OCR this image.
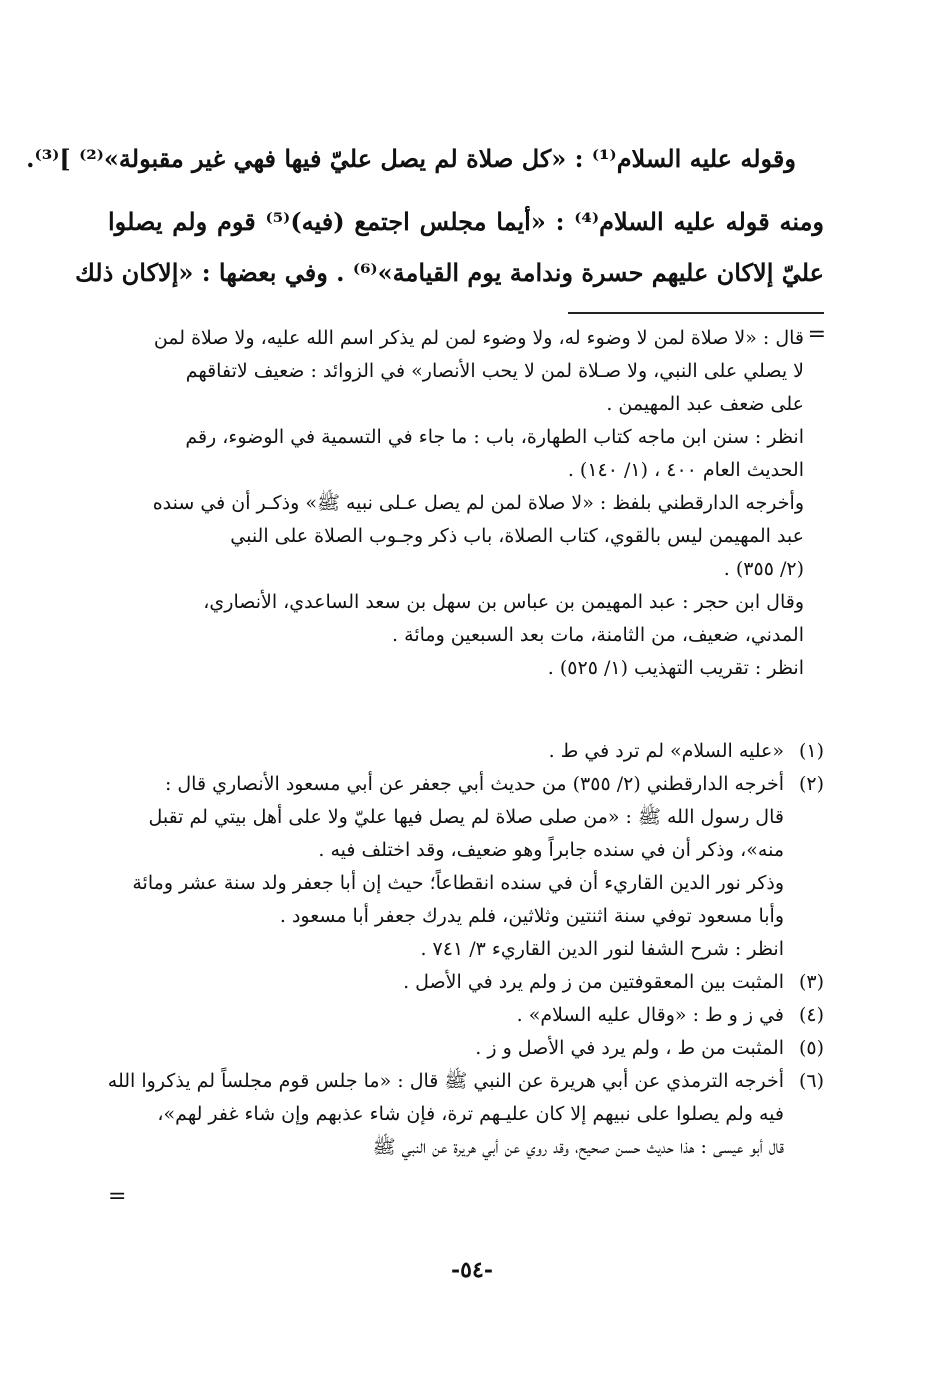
وقوله عليه السلام⁽¹⁾ : «كل صلاة لم يصل عليّ فيها فهي غير مقبولة»⁽²⁾ ]⁽³⁾.
ومنه قوله عليه السلام⁽⁴⁾ : «أيما مجلس اجتمع (فيه)⁽⁵⁾ قوم ولم يصلوا
عليّ إلاكان عليهم حسرة وندامة يوم القيامة»⁽⁶⁾ . وفي بعضها : «إلاكان ذلك
=
قال : «لا صلاة لمن لا وضوء له، ولا وضوء لمن لم يذكر اسم الله عليه، ولا صلاة لمن
لا يصلي على النبي، ولا صـلاة لمن لا يحب الأنصار» في الزوائد : ضعيف لاتفاقهم
على ضعف عبد المهيمن .
انظر : سنن ابن ماجه كتاب الطهارة، باب : ما جاء في التسمية في الوضوء، رقم
الحديث العام ٤٠٠ ، (١/ ١٤٠) .
وأخرجه الدارقطني بلفظ : «لا صلاة لمن لم يصل عـلى نبيه ﷺ» وذكـر أن في سنده
عبد المهيمن ليس بالقوي، كتاب الصلاة، باب ذكر وجـوب الصلاة على النبي
(٢/ ٣٥٥) .
وقال ابن حجر : عبد المهيمن بن عباس بن سهل بن سعد الساعدي، الأنصاري،
المدني، ضعيف، من الثامنة، مات بعد السبعين ومائة .
انظر : تقريب التهذيب (١/ ٥٢٥) .
(١)«عليه السلام» لم ترد في ط .
(٢)أخرجه الدارقطني (٢/ ٣٥٥) من حديث أبي جعفر عن أبي مسعود الأنصاري قال :
قال رسول الله ﷺ : «من صلى صلاة لم يصل فيها عليّ ولا على أهل بيتي لم تقبل
منه»، وذكر أن في سنده جابراً وهو ضعيف، وقد اختلف فيه .
وذكر نور الدين القاريء أن في سنده انقطاعاً؛ حيث إن أبا جعفر ولد سنة عشر ومائة
وأبا مسعود توفي سنة اثنتين وثلاثين، فلم يدرك جعفر أبا مسعود .
انظر : شرح الشفا لنور الدين القاريء ٣/ ٧٤١ .
(٣)المثبت بين المعقوفتين من ز ولم يرد في الأصل .
(٤)في ز و ط : «وقال عليه السلام» .
(٥)المثبت من ط ، ولم يرد في الأصل و ز .
(٦)أخرجه الترمذي عن أبي هريرة عن النبي ﷺ قال : «ما جلس قوم مجلساً لم يذكروا الله
فيه ولم يصلوا على نبيهم إلا كان عليـهم ترة، فإن شاء عذبهم وإن شاء غفر لهم»،
قال أبو عيسى : هذا حديث حسن صحيح، وقد روي عن أبي هريرة عن النبي ﷺ
=
-٥٤-
